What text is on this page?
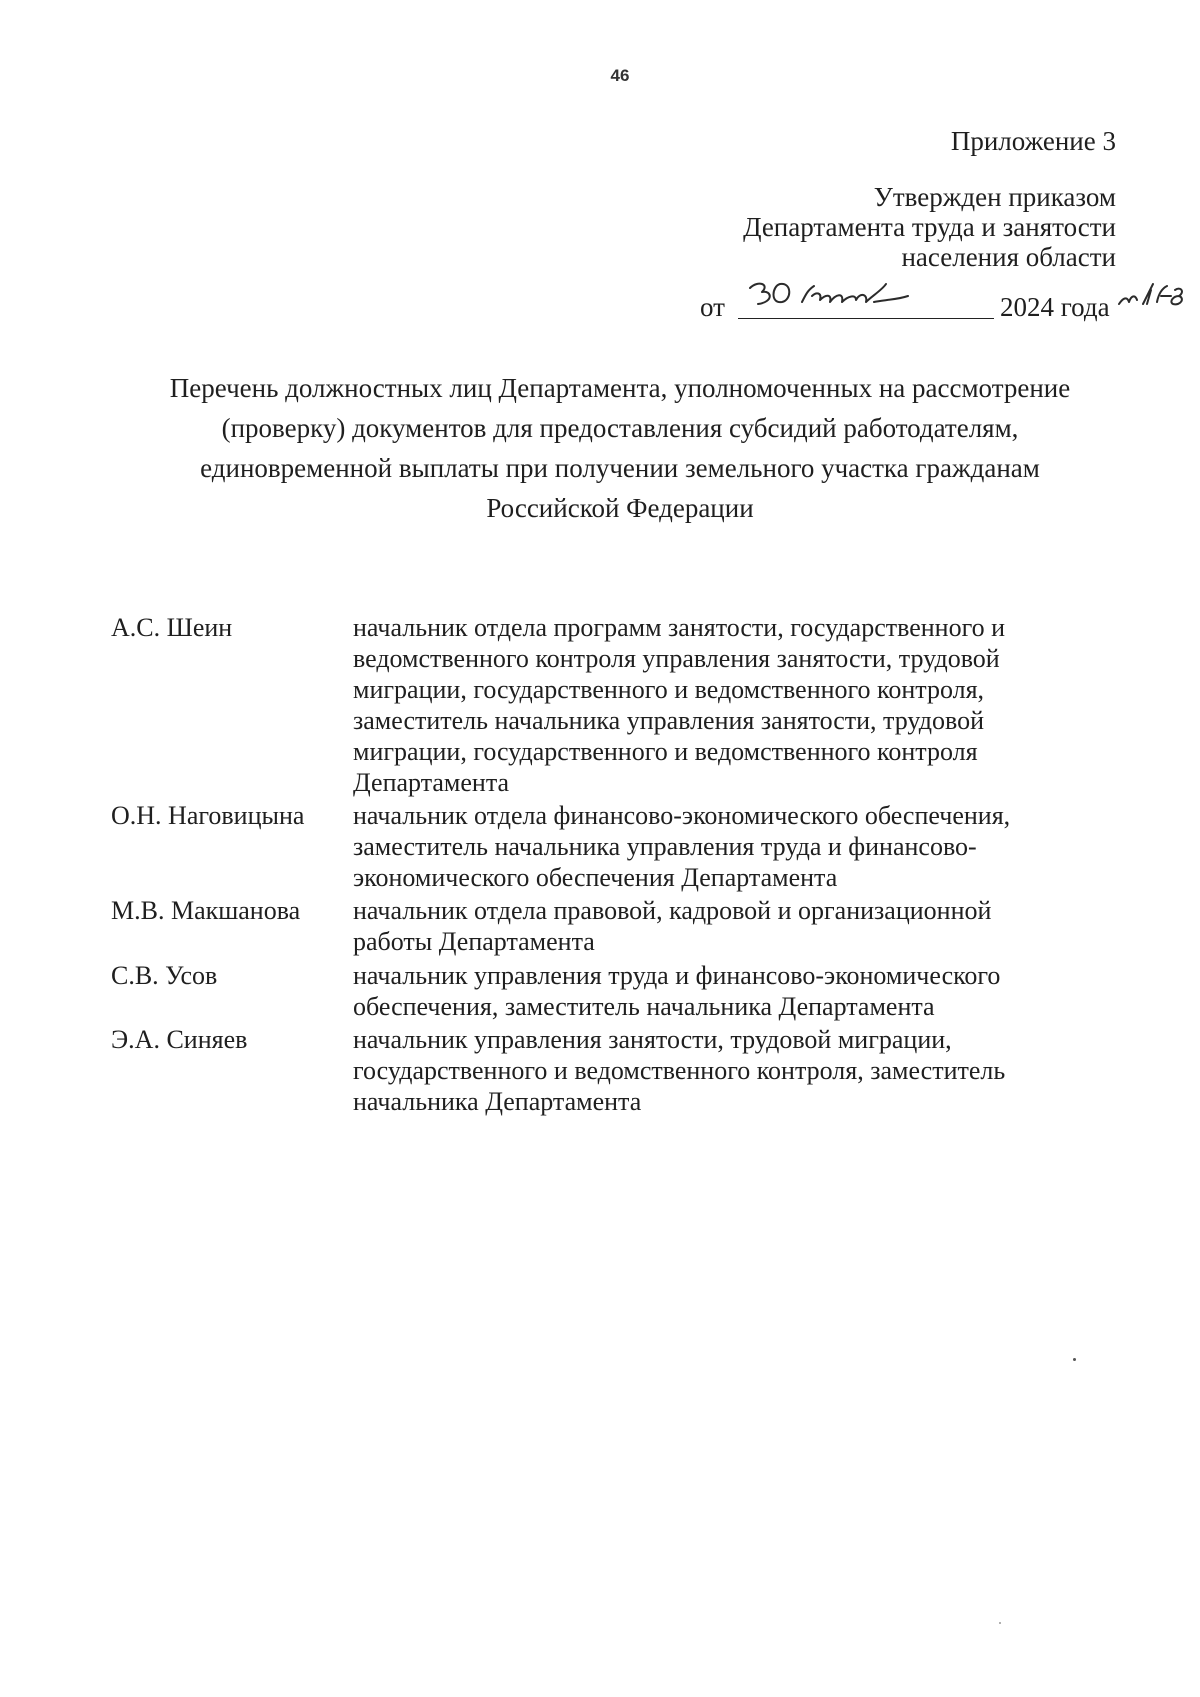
46
Приложение 3
Утвержден приказом
Департамента труда и занятости
населения области
от	2024 года
Перечень должностных лиц Департамента, уполномоченных на рассмотрение
(проверку) документов для предоставления субсидий работодателям,
единовременной выплаты при получении земельного участка гражданам
Российской Федерации
А.С. Шеин	начальник отдела программ занятости, государственного и
ведомственного контроля управления занятости, трудовой
миграции, государственного и ведомственного контроля,
заместитель начальника управления занятости, трудовой
миграции, государственного и ведомственного контроля
Департамента
О.Н. Наговицына	начальник отдела финансово-экономического обеспечения,
заместитель начальника управления труда и финансово-
экономического обеспечения Департамента
М.В. Макшанова	начальник отдела правовой, кадровой и организационной
работы Департамента
С.В. Усов	начальник управления труда и финансово-экономического
обеспечения, заместитель начальника Департамента
Э.А. Синяев	начальник управления занятости, трудовой миграции,
государственного и ведомственного контроля, заместитель
начальника Департамента
